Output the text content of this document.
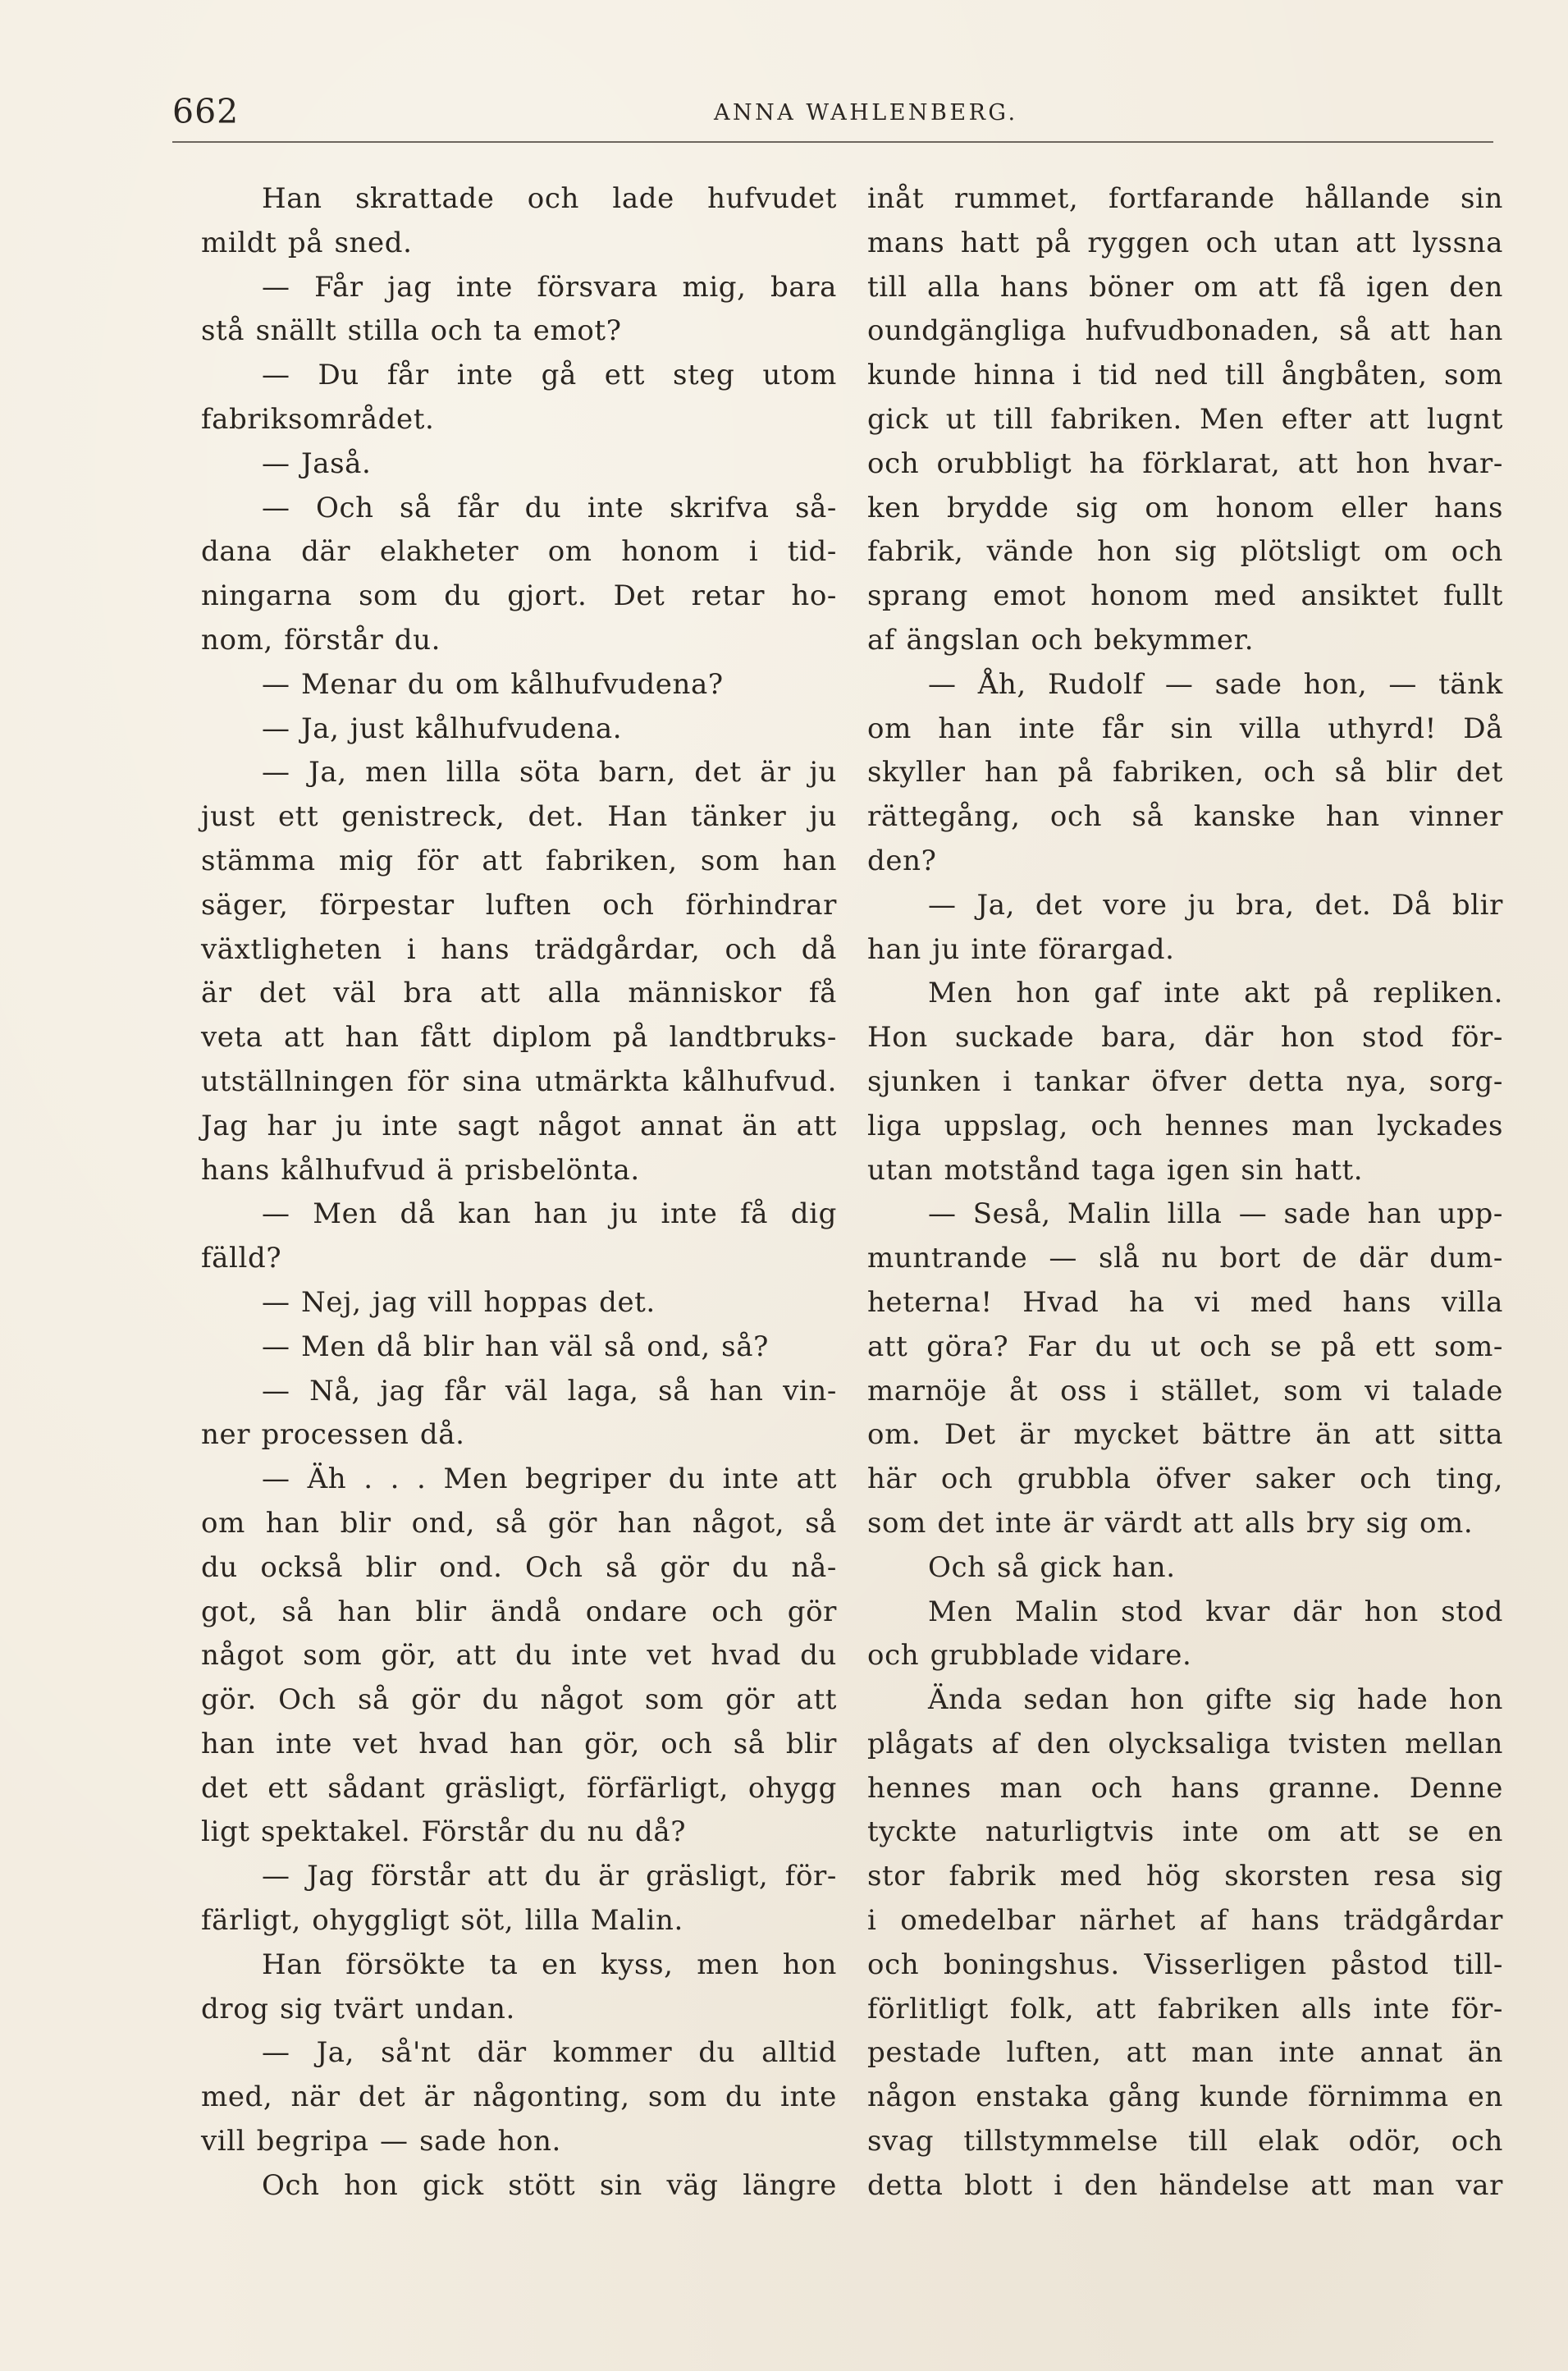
662	ANNA WAHLENBERG.
Han skrattade och lade hufvudet
mildt på sned.
— Får jag inte försvara mig, bara
stå snällt stilla och ta emot?
— Du får inte gå ett steg utom
fabriksområdet.
— Jaså.
— Och så får du inte skrifva så-
dana där elakheter om honom i tid-
ningarna som du gjort. Det retar ho-
nom, förstår du.
— Menar du om kålhufvudena?
— Ja, just kålhufvudena.
— Ja, men lilla söta barn, det är ju
just ett genistreck, det. Han tänker ju
stämma mig för att fabriken, som han
säger, förpestar luften och förhindrar
växtligheten i hans trädgårdar, och då
är det väl bra att alla människor få
veta att han fått diplom på landtbruks-
utställningen för sina utmärkta kålhufvud.
Jag har ju inte sagt något annat än att
hans kålhufvud ä prisbelönta.
— Men då kan han ju inte få dig
fälld?
— Nej, jag vill hoppas det.
— Men då blir han väl så ond, så?
— Nå, jag får väl laga, så han vin-
ner processen då.
— Äh . . . Men begriper du inte att
om han blir ond, så gör han något, så
du också blir ond. Och så gör du nå-
got, så han blir ändå ondare och gör
något som gör, att du inte vet hvad du
gör. Och så gör du något som gör att
han inte vet hvad han gör, och så blir
det ett sådant gräsligt, förfärligt, ohygg
ligt spektakel. Förstår du nu då?
— Jag förstår att du är gräsligt, för-
färligt, ohyggligt söt, lilla Malin.
Han försökte ta en kyss, men hon
drog sig tvärt undan.
— Ja, så'nt där kommer du alltid
med, när det är någonting, som du inte
vill begripa — sade hon.
Och hon gick stött sin väg längre
inåt rummet, fortfarande hållande sin
mans hatt på ryggen och utan att lyssna
till alla hans böner om att få igen den
oundgängliga hufvudbonaden, så att han
kunde hinna i tid ned till ångbåten, som
gick ut till fabriken. Men efter att lugnt
och orubbligt ha förklarat, att hon hvar-
ken brydde sig om honom eller hans
fabrik, vände hon sig plötsligt om och
sprang emot honom med ansiktet fullt
af ängslan och bekymmer.
— Åh, Rudolf — sade hon, — tänk
om han inte får sin villa uthyrd! Då
skyller han på fabriken, och så blir det
rättegång, och så kanske han vinner
den?
— Ja, det vore ju bra, det. Då blir
han ju inte förargad.
Men hon gaf inte akt på repliken.
Hon suckade bara, där hon stod för-
sjunken i tankar öfver detta nya, sorg-
liga uppslag, och hennes man lyckades
utan motstånd taga igen sin hatt.
— Seså, Malin lilla — sade han upp-
muntrande — slå nu bort de där dum-
heterna! Hvad ha vi med hans villa
att göra? Far du ut och se på ett som-
marnöje åt oss i stället, som vi talade
om. Det är mycket bättre än att sitta
här och grubbla öfver saker och ting,
som det inte är värdt att alls bry sig om.
Och så gick han.
Men Malin stod kvar där hon stod
och grubblade vidare.
Ända sedan hon gifte sig hade hon
plågats af den olycksaliga tvisten mellan
hennes man och hans granne. Denne
tyckte naturligtvis inte om att se en
stor fabrik med hög skorsten resa sig
i omedelbar närhet af hans trädgårdar
och boningshus. Visserligen påstod till-
förlitligt folk, att fabriken alls inte för-
pestade luften, att man inte annat än
någon enstaka gång kunde förnimma en
svag tillstymmelse till elak odör, och
detta blott i den händelse att man var
